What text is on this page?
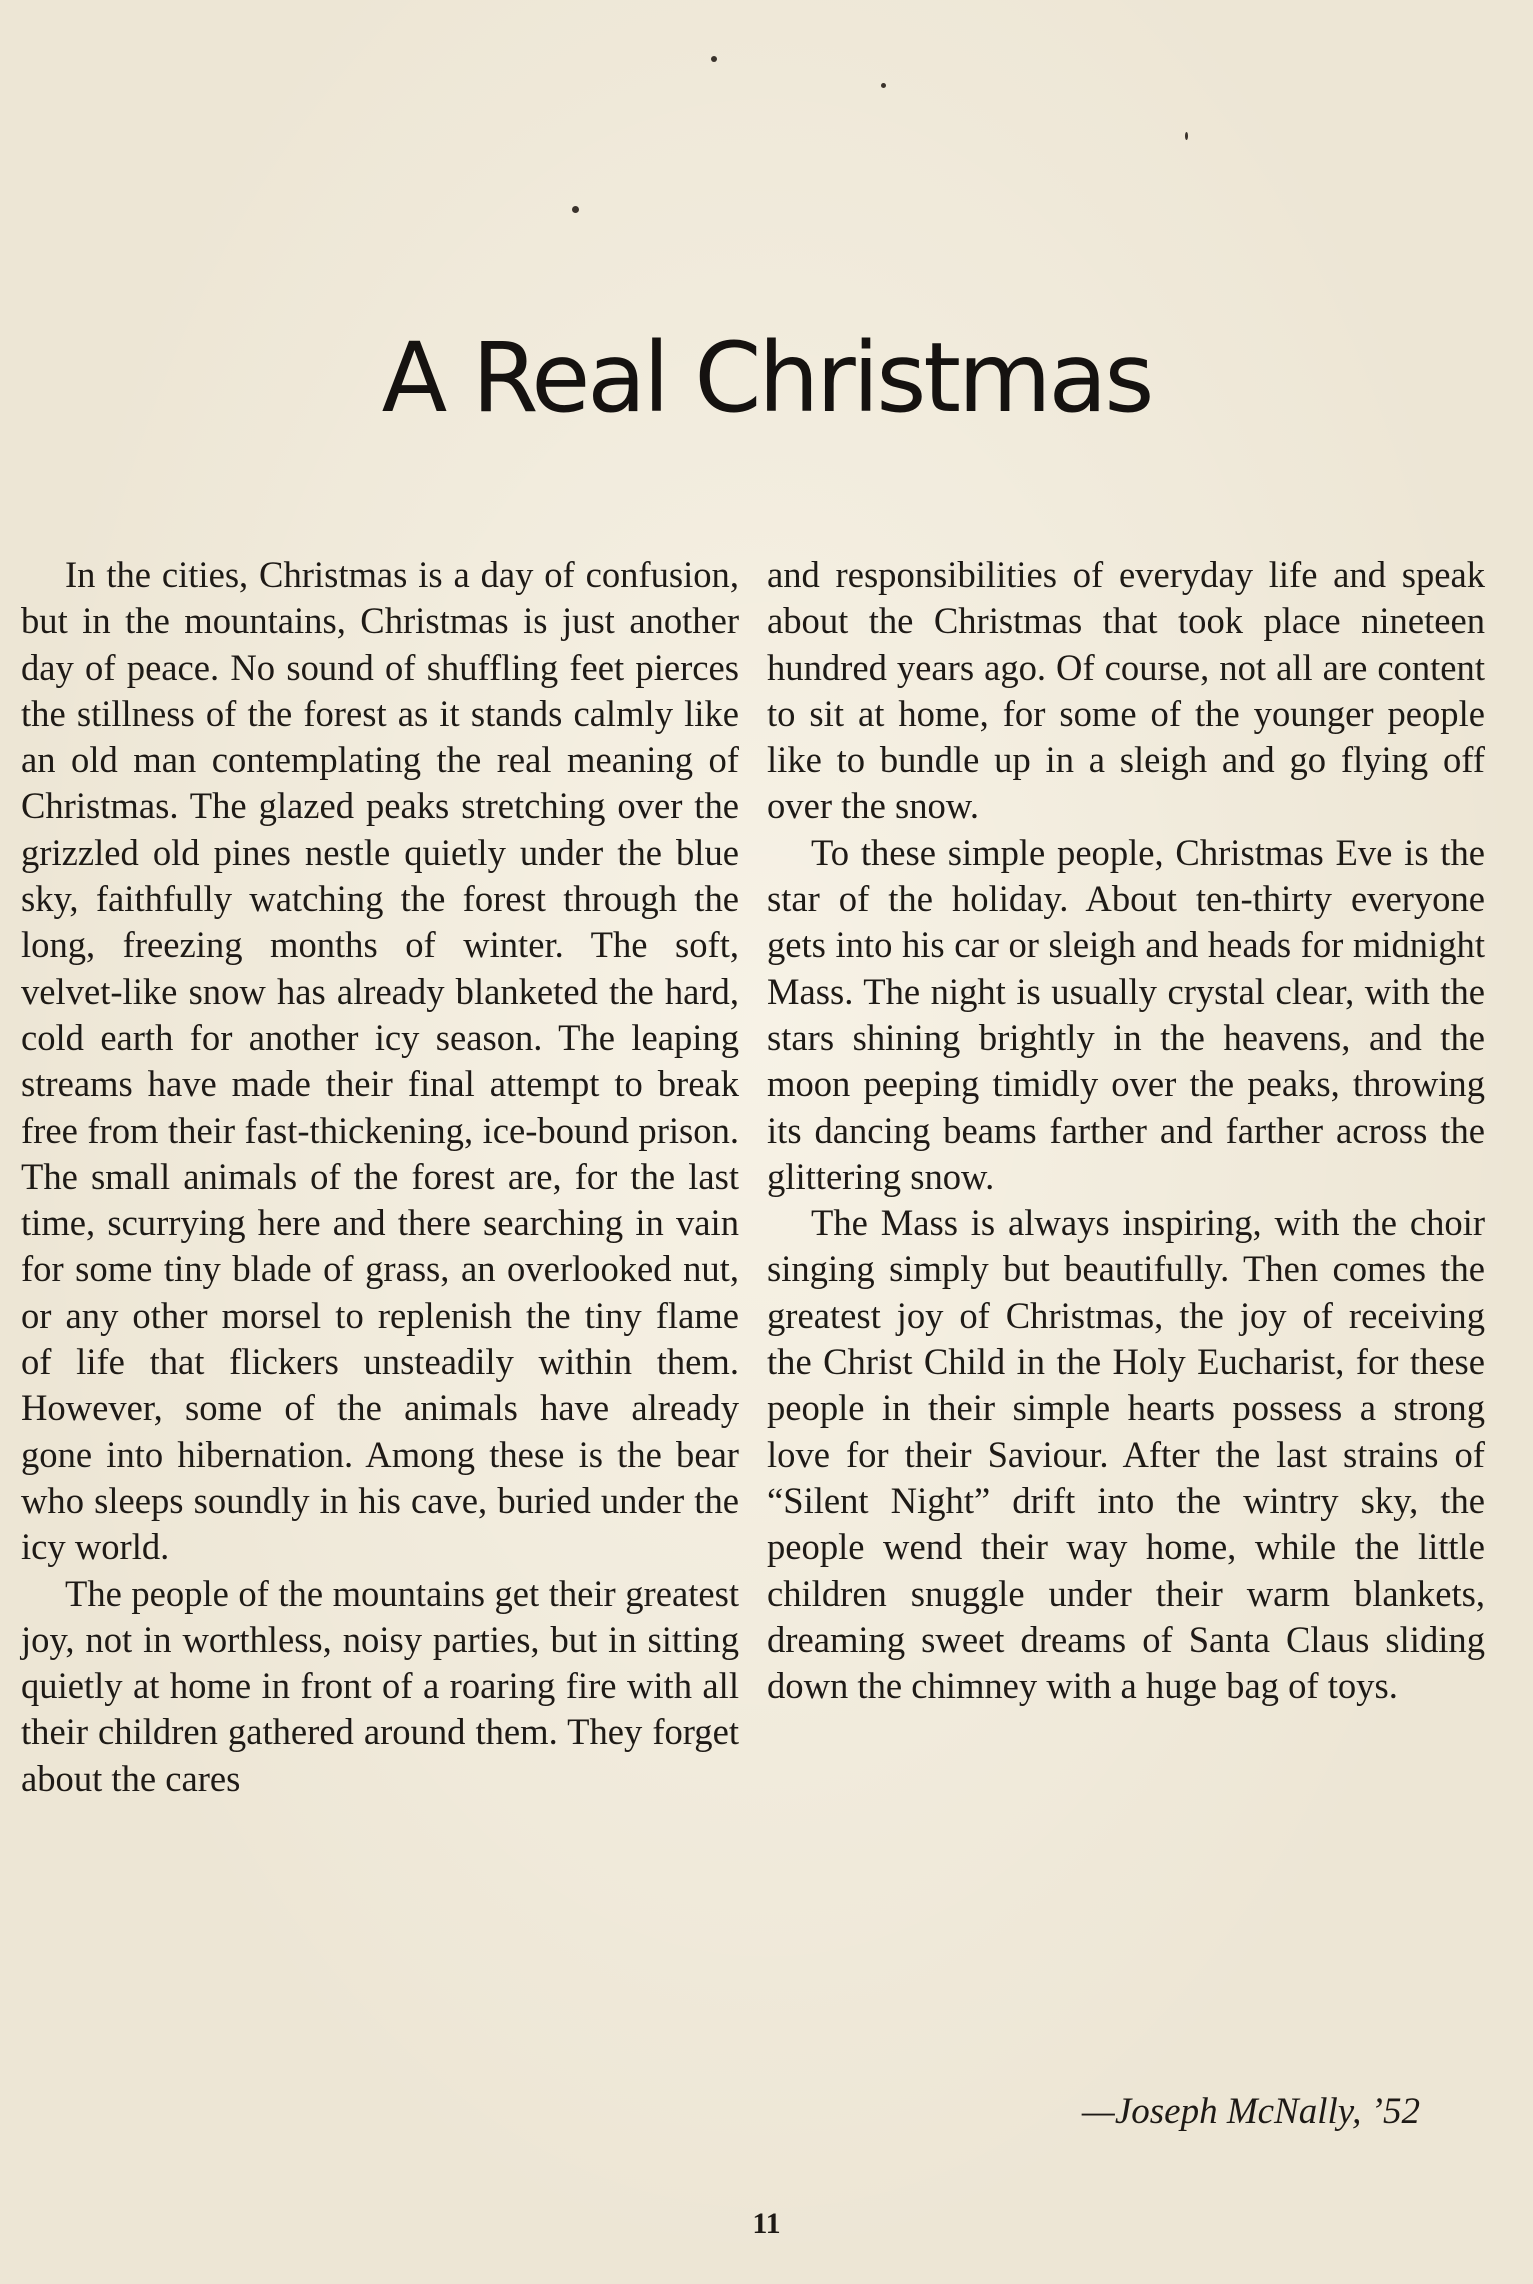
A Real Christmas

In the cities, Christmas is a day of confusion, but in the mountains, Christmas is just another day of peace. No sound of shuffling feet pierces the stillness of the forest as it stands calmly like an old man contemplating the real meaning of Christmas. The glazed peaks stretching over the grizzled old pines nestle quietly under the blue sky, faithfully watching the forest through the long, freezing months of winter. The soft, velvet-like snow has already blanketed the hard, cold earth for another icy season. The leaping streams have made their final attempt to break free from their fast-thickening, ice-bound prison. The small animals of the forest are, for the last time, scurrying here and there searching in vain for some tiny blade of grass, an overlooked nut, or any other morsel to replenish the tiny flame of life that flickers unsteadily within them. However, some of the animals have already gone into hibernation. Among these is the bear who sleeps soundly in his cave, buried under the icy world.

The people of the mountains get their greatest joy, not in worthless, noisy parties, but in sitting quietly at home in front of a roaring fire with all their children gathered around them. They forget about the cares

and responsibilities of everyday life and speak about the Christmas that took place nineteen hundred years ago. Of course, not all are content to sit at home, for some of the younger people like to bundle up in a sleigh and go flying off over the snow.

To these simple people, Christmas Eve is the star of the holiday. About ten-thirty everyone gets into his car or sleigh and heads for midnight Mass. The night is usually crystal clear, with the stars shining brightly in the heavens, and the moon peeping timidly over the peaks, throwing its dancing beams farther and farther across the glittering snow.

The Mass is always inspiring, with the choir singing simply but beautifully. Then comes the greatest joy of Christmas, the joy of receiving the Christ Child in the Holy Eucharist, for these people in their simple hearts possess a strong love for their Saviour. After the last strains of “Silent Night” drift into the wintry sky, the people wend their way home, while the little children snuggle under their warm blankets, dreaming sweet dreams of Santa Claus sliding down the chimney with a huge bag of toys.

—Joseph McNally, ’52
11
